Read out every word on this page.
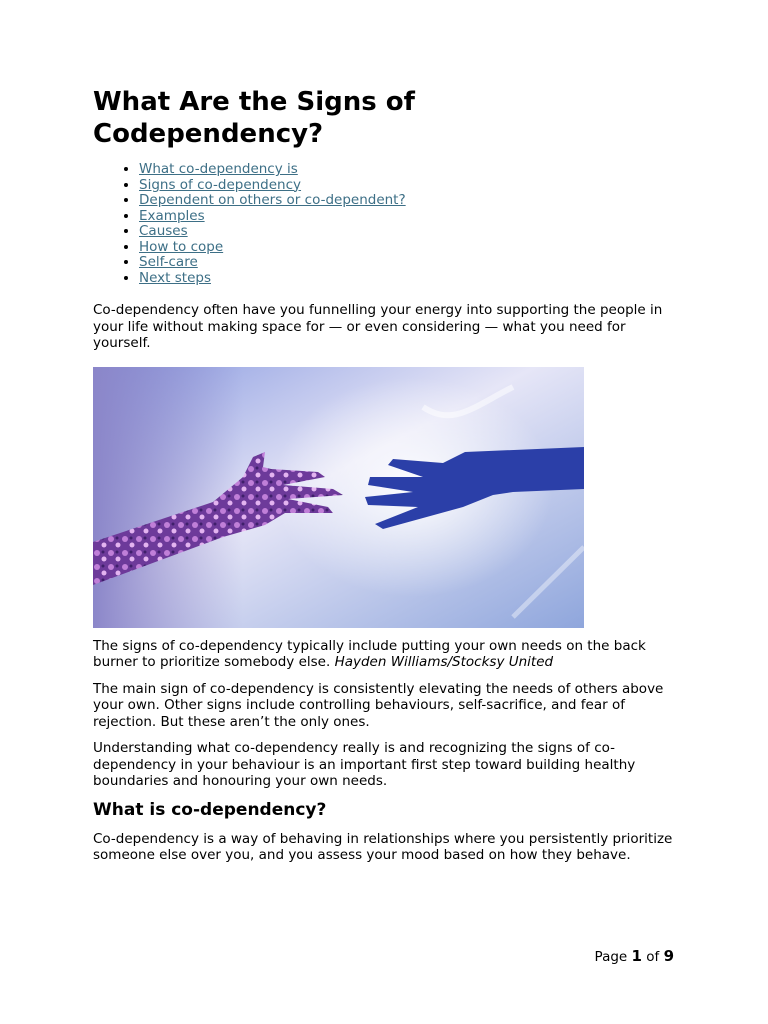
What Are the Signs of Codependency?
• What co-dependency is
• Signs of co-dependency
• Dependent on others or co-dependent?
• Examples
• Causes
• How to cope
• Self-care
• Next steps

Co-dependency often have you funnelling your energy into supporting the people in your life without making space for — or even considering — what you need for yourself.

The signs of co-dependency typically include putting your own needs on the back burner to prioritize somebody else. Hayden Williams/Stocksy United

The main sign of co-dependency is consistently elevating the needs of others above your own. Other signs include controlling behaviours, self-sacrifice, and fear of rejection. But these aren’t the only ones.

Understanding what co-dependency really is and recognizing the signs of co-dependency in your behaviour is an important first step toward building healthy boundaries and honouring your own needs.

What is co-dependency?

Co-dependency is a way of behaving in relationships where you persistently prioritize someone else over you, and you assess your mood based on how they behave.

Page 1 of 9
